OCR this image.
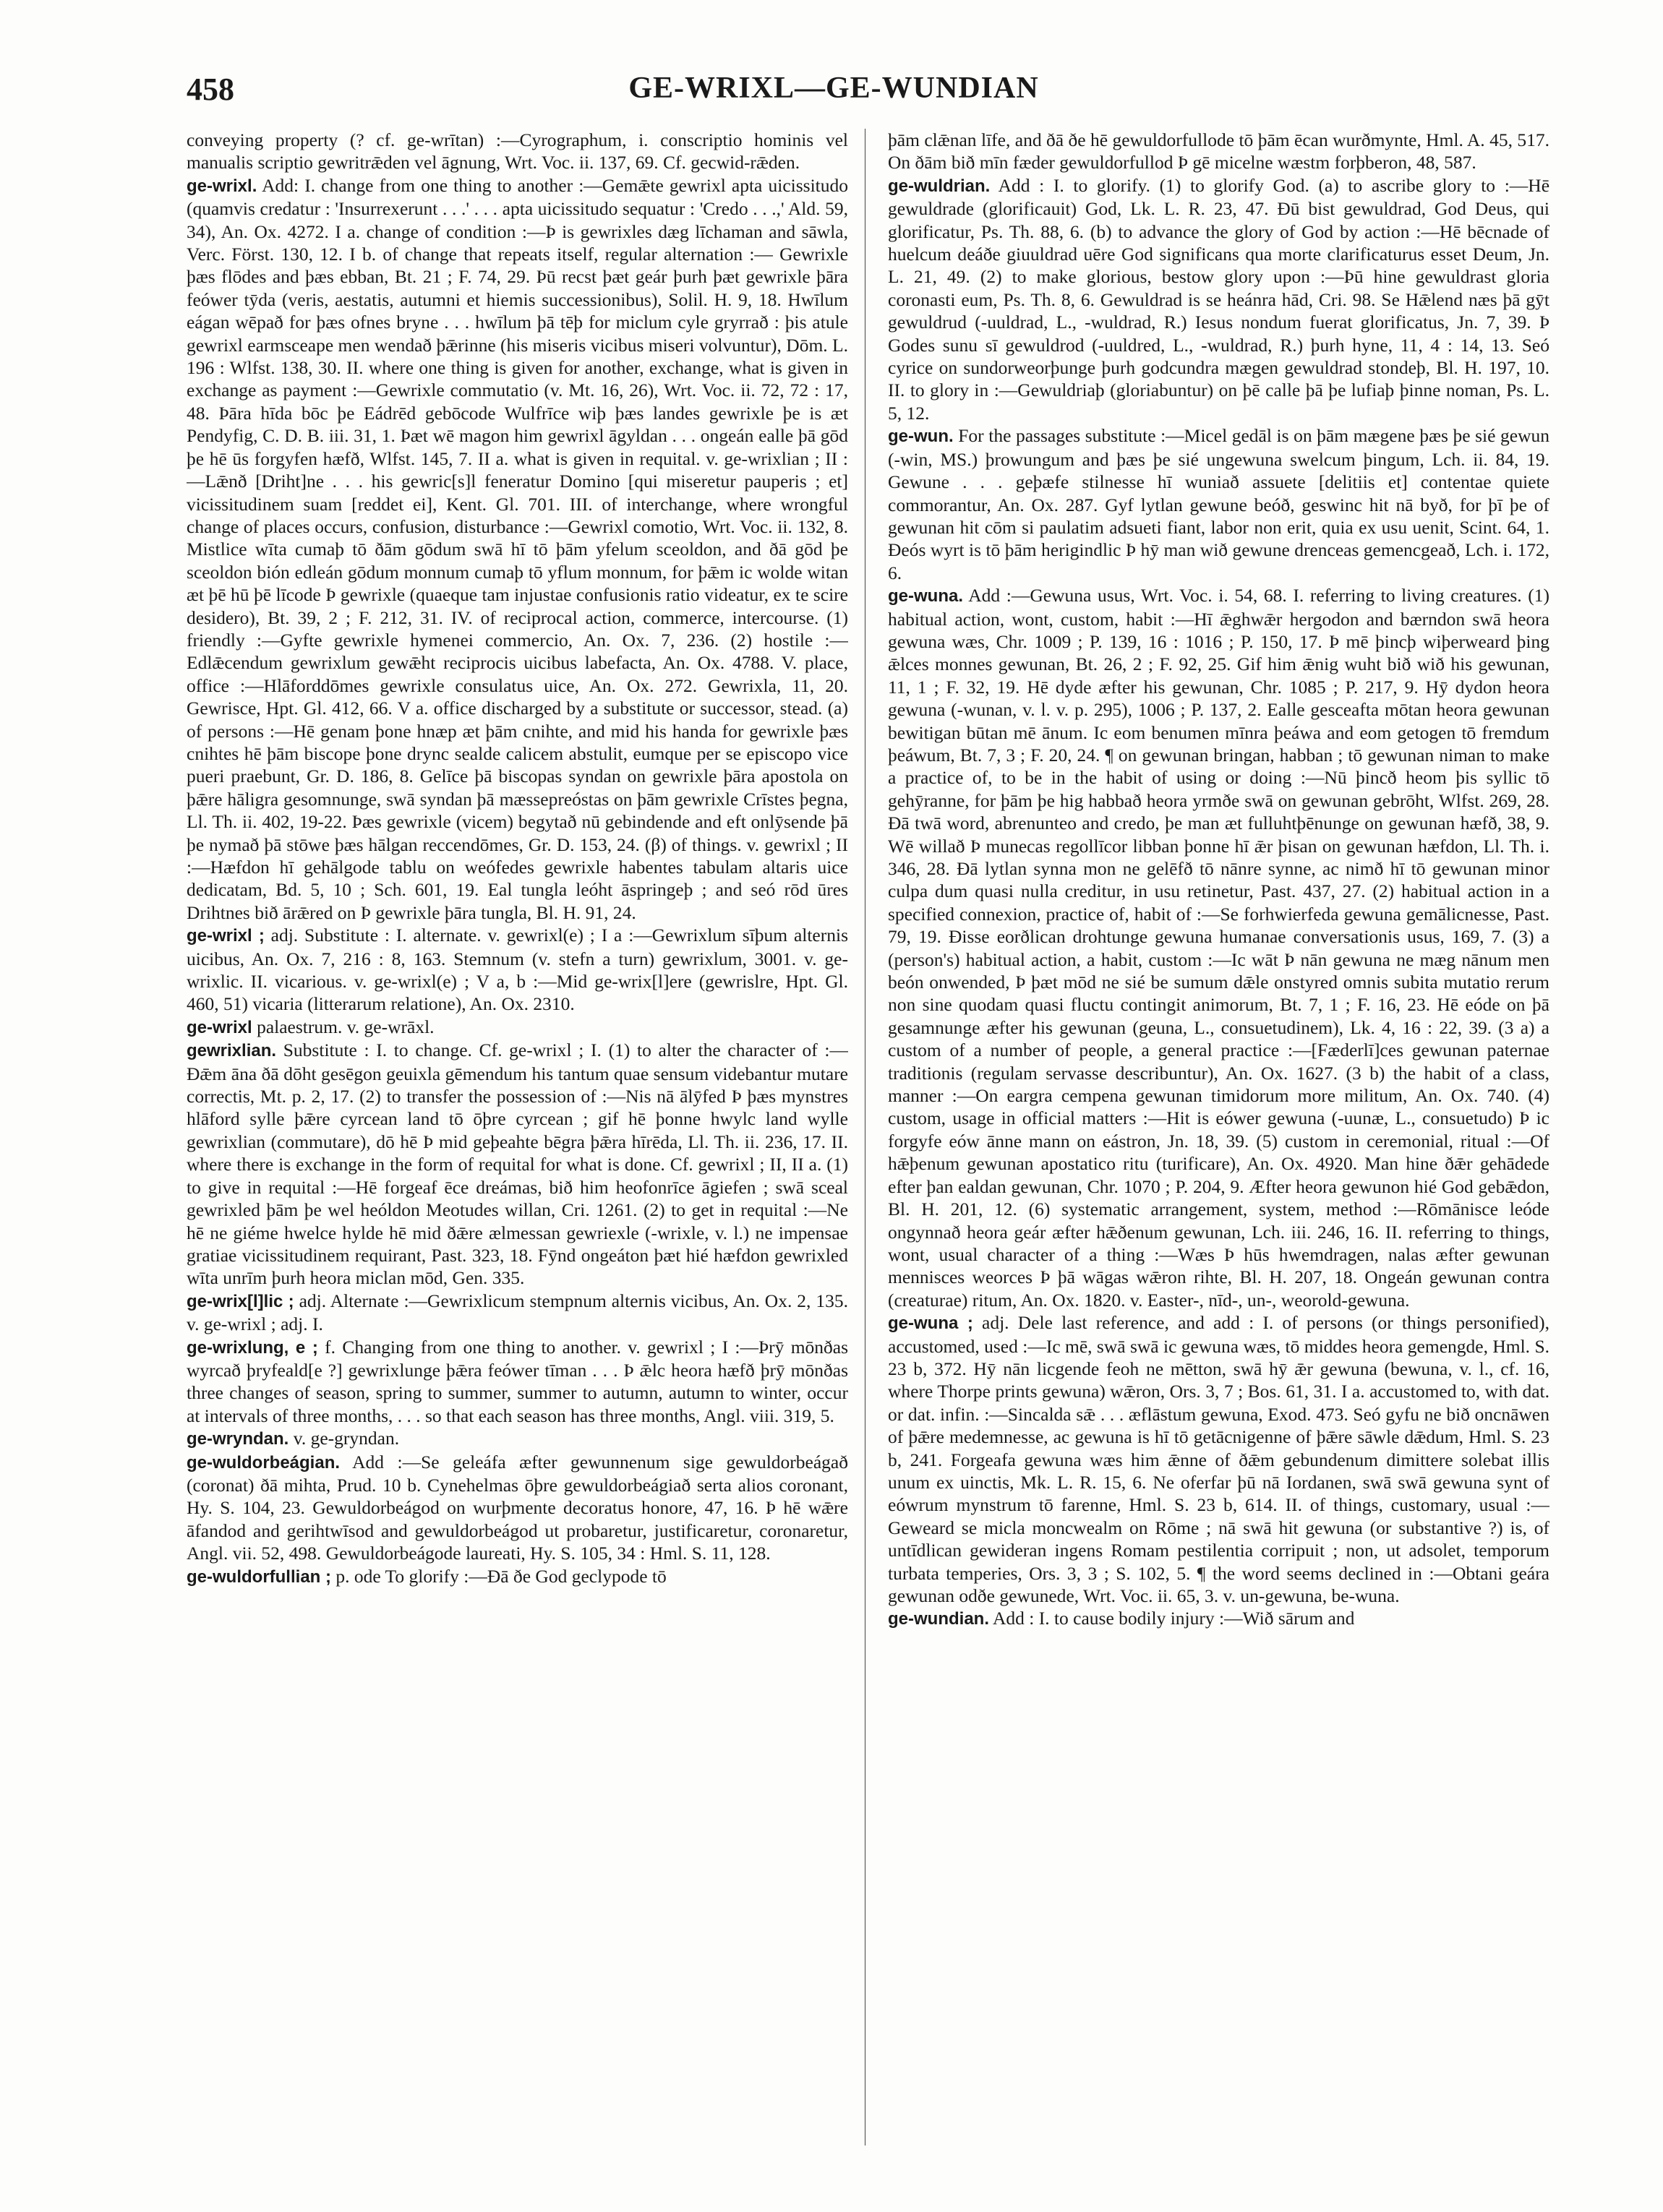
458	GE-WRIXL—GE-WUNDIAN

conveying property (? cf. ge-wrītan) :—Cyrographum, i. conscriptio hominis vel manualis scriptio gewritrǣden vel āgnung, Wrt. Voc. ii. 137, 69. Cf. gecwid-rǣden.

ge-wrixl. Add: I. change from one thing to another :—Gemǣte gewrixl apta uicissitudo (quamvis credatur : 'Insurrexerunt . . .' . . . apta uicissitudo sequatur : 'Credo . . .,' Ald. 59, 34), An. Ox. 4272. I a. change of condition :—Þ is gewrixles dæg līchaman and sāwla, Verc. Först. 130, 12. I b. of change that repeats itself, regular alternation :— Gewrixle þæs flōdes and þæs ebban, Bt. 21 ; F. 74, 29. Þū recst þæt geár þurh þæt gewrixle þāra feówer tȳda (veris, aestatis, autumni et hiemis successionibus), Solil. H. 9, 18. Hwīlum eágan wēpað for þæs ofnes bryne . . . hwīlum þā tēþ for miclum cyle gryrrað : þis atule gewrixl earmsceape men wendað þǣrinne (his miseris vicibus miseri volvuntur), Dōm. L. 196 : Wlfst. 138, 30. II. where one thing is given for another, exchange, what is given in exchange as payment :—Gewrixle commutatio (v. Mt. 16, 26), Wrt. Voc. ii. 72, 72 : 17, 48. Þāra hīda bōc þe Eádrēd gebōcode Wulfrīce wiþ þæs landes gewrixle þe is æt Pendyfig, C. D. B. iii. 31, 1. Þæt wē magon him gewrixl āgyldan . . . ongeán ealle þā gōd þe hē ūs forgyfen hæfð, Wlfst. 145, 7. II a. what is given in requital. v. ge-wrixlian ; II :—Lǣnð [Driht]ne . . . his gewric[s]l feneratur Domino [qui miseretur pauperis ; et] vicissitudinem suam [reddet ei], Kent. Gl. 701. III. of interchange, where wrongful change of places occurs, confusion, disturbance :—Gewrixl comotio, Wrt. Voc. ii. 132, 8. Mistlice wīta cumaþ tō ðām gōdum swā hī tō þām yfelum sceoldon, and ðā gōd þe sceoldon bión edleán gōdum monnum cumaþ tō yflum monnum, for þǣm ic wolde witan æt þē hū þē līcode Þ gewrixle (quaeque tam injustae confusionis ratio videatur, ex te scire desidero), Bt. 39, 2 ; F. 212, 31. IV. of reciprocal action, commerce, intercourse. (1) friendly :—Gyfte gewrixle hymenei commercio, An. Ox. 7, 236. (2) hostile :—Edlǣcendum gewrixlum gewǣht reciprocis uicibus labefacta, An. Ox. 4788. V. place, office :—Hlāforddōmes gewrixle consulatus uice, An. Ox. 272. Gewrixla, 11, 20. Gewrisce, Hpt. Gl. 412, 66. V a. office discharged by a substitute or successor, stead. (a) of persons :—Hē genam þone hnæp æt þām cnihte, and mid his handa for gewrixle þæs cnihtes hē þām biscope þone drync sealde calicem abstulit, eumque per se episcopo vice pueri praebunt, Gr. D. 186, 8. Gelīce þā biscopas syndan on gewrixle þāra apostola on þǣre hāligra gesomnunge, swā syndan þā mæssepreóstas on þām gewrixle Crīstes þegna, Ll. Th. ii. 402, 19-22. Þæs gewrixle (vicem) begytað nū gebindende and eft onlȳsende þā þe nymað þā stōwe þæs hālgan reccendōmes, Gr. D. 153, 24. (β) of things. v. gewrixl ; II :—Hæfdon hī gehālgode tablu on weófedes gewrixle habentes tabulam altaris uice dedicatam, Bd. 5, 10 ; Sch. 601, 19. Eal tungla leóht āspringeþ ; and seó rōd ūres Drihtnes bið ārǣred on Þ gewrixle þāra tungla, Bl. H. 91, 24.

ge-wrixl ; adj. Substitute : I. alternate. v. gewrixl(e) ; I a :—Gewrixlum sīþum alternis uicibus, An. Ox. 7, 216 : 8, 163. Stemnum (v. stefn a turn) gewrixlum, 3001. v. ge-wrixlic. II. vicarious. v. ge-wrixl(e) ; V a, b :—Mid ge-wrix[l]ere (gewrislre, Hpt. Gl. 460, 51) vicaria (litterarum relatione), An. Ox. 2310.

ge-wrixl palaestrum. v. ge-wrāxl.

gewrixlian. Substitute : I. to change. Cf. ge-wrixl ; I. (1) to alter the character of :—Ðǣm āna ðā dōht gesēgon geuixla gēmendum his tantum quae sensum videbantur mutare correctis, Mt. p. 2, 17. (2) to transfer the possession of :—Nis nā ālȳfed Þ þæs mynstres hlāford sylle þǣre cyrcean land tō ōþre cyrcean ; gif hē þonne hwylc land wylle gewrixlian (commutare), dō hē Þ mid geþeahte bēgra þǣra hīrēda, Ll. Th. ii. 236, 17. II. where there is exchange in the form of requital for what is done. Cf. gewrixl ; II, II a. (1) to give in requital :—Hē forgeaf ēce dreámas, bið him heofonrīce āgiefen ; swā sceal gewrixled þām þe wel heóldon Meotudes willan, Cri. 1261. (2) to get in requital :—Ne hē ne giéme hwelce hylde hē mid ðǣre ælmessan gewriexle (-wrixle, v. l.) ne impensae gratiae vicissitudinem requirant, Past. 323, 18. Fȳnd ongeáton þæt hié hæfdon gewrixled wīta unrīm þurh heora miclan mōd, Gen. 335.

ge-wrix[l]lic ; adj. Alternate :—Gewrixlicum stempnum alternis vicibus, An. Ox. 2, 135. v. ge-wrixl ; adj. I.

ge-wrixlung, e ; f. Changing from one thing to another. v. gewrixl ; I :—Þrȳ mōnðas wyrcað þryfeald[e ?] gewrixlunge þǣra feówer tīman . . . Þ ǣlc heora hæfð þrȳ mōnðas three changes of season, spring to summer, summer to autumn, autumn to winter, occur at intervals of three months, . . . so that each season has three months, Angl. viii. 319, 5.

ge-wryndan. v. ge-gryndan.

ge-wuldorbeágian. Add :—Se geleáfa æfter gewunnenum sige gewuldorbeágað (coronat) ðā mihta, Prud. 10 b. Cynehelmas ōþre gewuldorbeágiað serta alios coronant, Hy. S. 104, 23. Gewuldorbeágod on wurþmente decoratus honore, 47, 16. Þ hē wǣre āfandod and gerihtwīsod and gewuldorbeágod ut probaretur, justificaretur, coronaretur, Angl. vii. 52, 498. Gewuldorbeágode laureati, Hy. S. 105, 34 : Hml. S. 11, 128.

ge-wuldorfullian ; p. ode To glorify :—Ðā ðe God geclypode tō

þām clǣnan līfe, and ðā ðe hē gewuldorfullode tō þām ēcan wurðmynte, Hml. A. 45, 517. On ðām bið mīn fæder gewuldorfullod Þ gē micelne wæstm forþberon, 48, 587.

ge-wuldrian. Add : I. to glorify. (1) to glorify God. (a) to ascribe glory to :—Hē gewuldrade (glorificauit) God, Lk. L. R. 23, 47. Ðū bist gewuldrad, God Deus, qui glorificatur, Ps. Th. 88, 6. (b) to advance the glory of God by action :—Hē bēcnade of huelcum deáðe giuuldrad uēre God significans qua morte clarificaturus esset Deum, Jn. L. 21, 49. (2) to make glorious, bestow glory upon :—Þū hine gewuldrast gloria coronasti eum, Ps. Th. 8, 6. Gewuldrad is se heánra hād, Cri. 98. Se Hǣlend næs þā gȳt gewuldrud (-uuldrad, L., -wuldrad, R.) Iesus nondum fuerat glorificatus, Jn. 7, 39. Þ Godes sunu sī gewuldrod (-uuldred, L., -wuldrad, R.) þurh hyne, 11, 4 : 14, 13. Seó cyrice on sundorweorþunge þurh godcundra mægen gewuldrad stondeþ, Bl. H. 197, 10. II. to glory in :—Gewuldriaþ (gloriabuntur) on þē calle þā þe lufiaþ þinne noman, Ps. L. 5, 12.

ge-wun. For the passages substitute :—Micel gedāl is on þām mægene þæs þe sié gewun (-win, MS.) þrowungum and þæs þe sié ungewuna swelcum þingum, Lch. ii. 84, 19. Gewune . . . geþæfe stilnesse hī wuniað assuete [delitiis et] contentae quiete commorantur, An. Ox. 287. Gyf lytlan gewune beóð, geswinc hit nā byð, for þī þe of gewunan hit cōm si paulatim adsueti fiant, labor non erit, quia ex usu uenit, Scint. 64, 1. Ðeós wyrt is tō þām herigindlic Þ hȳ man wið gewune drenceas gemencgeað, Lch. i. 172, 6.

ge-wuna. Add :—Gewuna usus, Wrt. Voc. i. 54, 68. I. referring to living creatures. (1) habitual action, wont, custom, habit :—Hī ǣghwǣr hergodon and bærndon swā heora gewuna wæs, Chr. 1009 ; P. 139, 16 : 1016 ; P. 150, 17. Þ mē þincþ wiþerweard þing ǣlces monnes gewunan, Bt. 26, 2 ; F. 92, 25. Gif him ǣnig wuht bið wið his gewunan, 11, 1 ; F. 32, 19. Hē dyde æfter his gewunan, Chr. 1085 ; P. 217, 9. Hȳ dydon heora gewuna (-wunan, v. l. v. p. 295), 1006 ; P. 137, 2. Ealle gesceafta mōtan heora gewunan bewitigan būtan mē ānum. Ic eom benumen mīnra þeáwa and eom getogen tō fremdum þeáwum, Bt. 7, 3 ; F. 20, 24. ¶ on gewunan bringan, habban ; tō gewunan niman to make a practice of, to be in the habit of using or doing :—Nū þincð heom þis syllic tō gehȳranne, for þām þe hig habbað heora yrmðe swā on gewunan gebrōht, Wlfst. 269, 28. Ðā twā word, abrenunteo and credo, þe man æt fulluhtþēnunge on gewunan hæfð, 38, 9. Wē willað Þ munecas regollīcor libban þonne hī ǣr þisan on gewunan hæfdon, Ll. Th. i. 346, 28. Ðā lytlan synna mon ne gelēfð tō nānre synne, ac nimð hī tō gewunan minor culpa dum quasi nulla creditur, in usu retinetur, Past. 437, 27. (2) habitual action in a specified connexion, practice of, habit of :—Se forhwierfeda gewuna gemālicnesse, Past. 79, 19. Ðisse eorðlican drohtunge gewuna humanae conversationis usus, 169, 7. (3) a (person's) habitual action, a habit, custom :—Ic wāt Þ nān gewuna ne mæg nānum men beón onwended, Þ þæt mōd ne sié be sumum dǣle onstyred omnis subita mutatio rerum non sine quodam quasi fluctu contingit animorum, Bt. 7, 1 ; F. 16, 23. Hē eóde on þā gesamnunge æfter his gewunan (geuna, L., consuetudinem), Lk. 4, 16 : 22, 39. (3 a) a custom of a number of people, a general practice :—[Fæderlī]ces gewunan paternae traditionis (regulam servasse describuntur), An. Ox. 1627. (3 b) the habit of a class, manner :—On eargra cempena gewunan timidorum more militum, An. Ox. 740. (4) custom, usage in official matters :—Hit is eówer gewuna (-uunæ, L., consuetudo) Þ ic forgyfe eów ānne mann on eástron, Jn. 18, 39. (5) custom in ceremonial, ritual :—Of hǣþenum gewunan apostatico ritu (turificare), An. Ox. 4920. Man hine ðǣr gehādede efter þan ealdan gewunan, Chr. 1070 ; P. 204, 9. Æfter heora gewunon hié God gebǣdon, Bl. H. 201, 12. (6) systematic arrangement, system, method :—Rōmānisce leóde ongynnað heora geár æfter hǣðenum gewunan, Lch. iii. 246, 16. II. referring to things, wont, usual character of a thing :—Wæs Þ hūs hwemdragen, nalas æfter gewunan mennisces weorces Þ þā wāgas wǣron rihte, Bl. H. 207, 18. Ongeán gewunan contra (creaturae) ritum, An. Ox. 1820. v. Easter-, nīd-, un-, weorold-gewuna.

ge-wuna ; adj. Dele last reference, and add : I. of persons (or things personified), accustomed, used :—Ic mē, swā swā ic gewuna wæs, tō middes heora gemengde, Hml. S. 23 b, 372. Hȳ nān licgende feoh ne mētton, swā hȳ ǣr gewuna (bewuna, v. l., cf. 16, where Thorpe prints gewuna) wǣron, Ors. 3, 7 ; Bos. 61, 31. I a. accustomed to, with dat. or dat. infin. :—Sincalda sǣ . . . æflāstum gewuna, Exod. 473. Seó gyfu ne bið oncnāwen of þǣre medemnesse, ac gewuna is hī tō getācnigenne of þǣre sāwle dǣdum, Hml. S. 23 b, 241. Forgeafa gewuna wæs him ǣnne of ðǣm gebundenum dimittere solebat illis unum ex uinctis, Mk. L. R. 15, 6. Ne oferfar þū nā Iordanen, swā swā gewuna synt of eówrum mynstrum tō farenne, Hml. S. 23 b, 614. II. of things, customary, usual :—Geweard se micla moncwealm on Rōme ; nā swā hit gewuna (or substantive ?) is, of untīdlican gewideran ingens Romam pestilentia corripuit ; non, ut adsolet, temporum turbata temperies, Ors. 3, 3 ; S. 102, 5. ¶ the word seems declined in :—Obtani geára gewunan odðe gewunede, Wrt. Voc. ii. 65, 3. v. un-gewuna, be-wuna.

ge-wundian. Add : I. to cause bodily injury :—Wið sārum and
